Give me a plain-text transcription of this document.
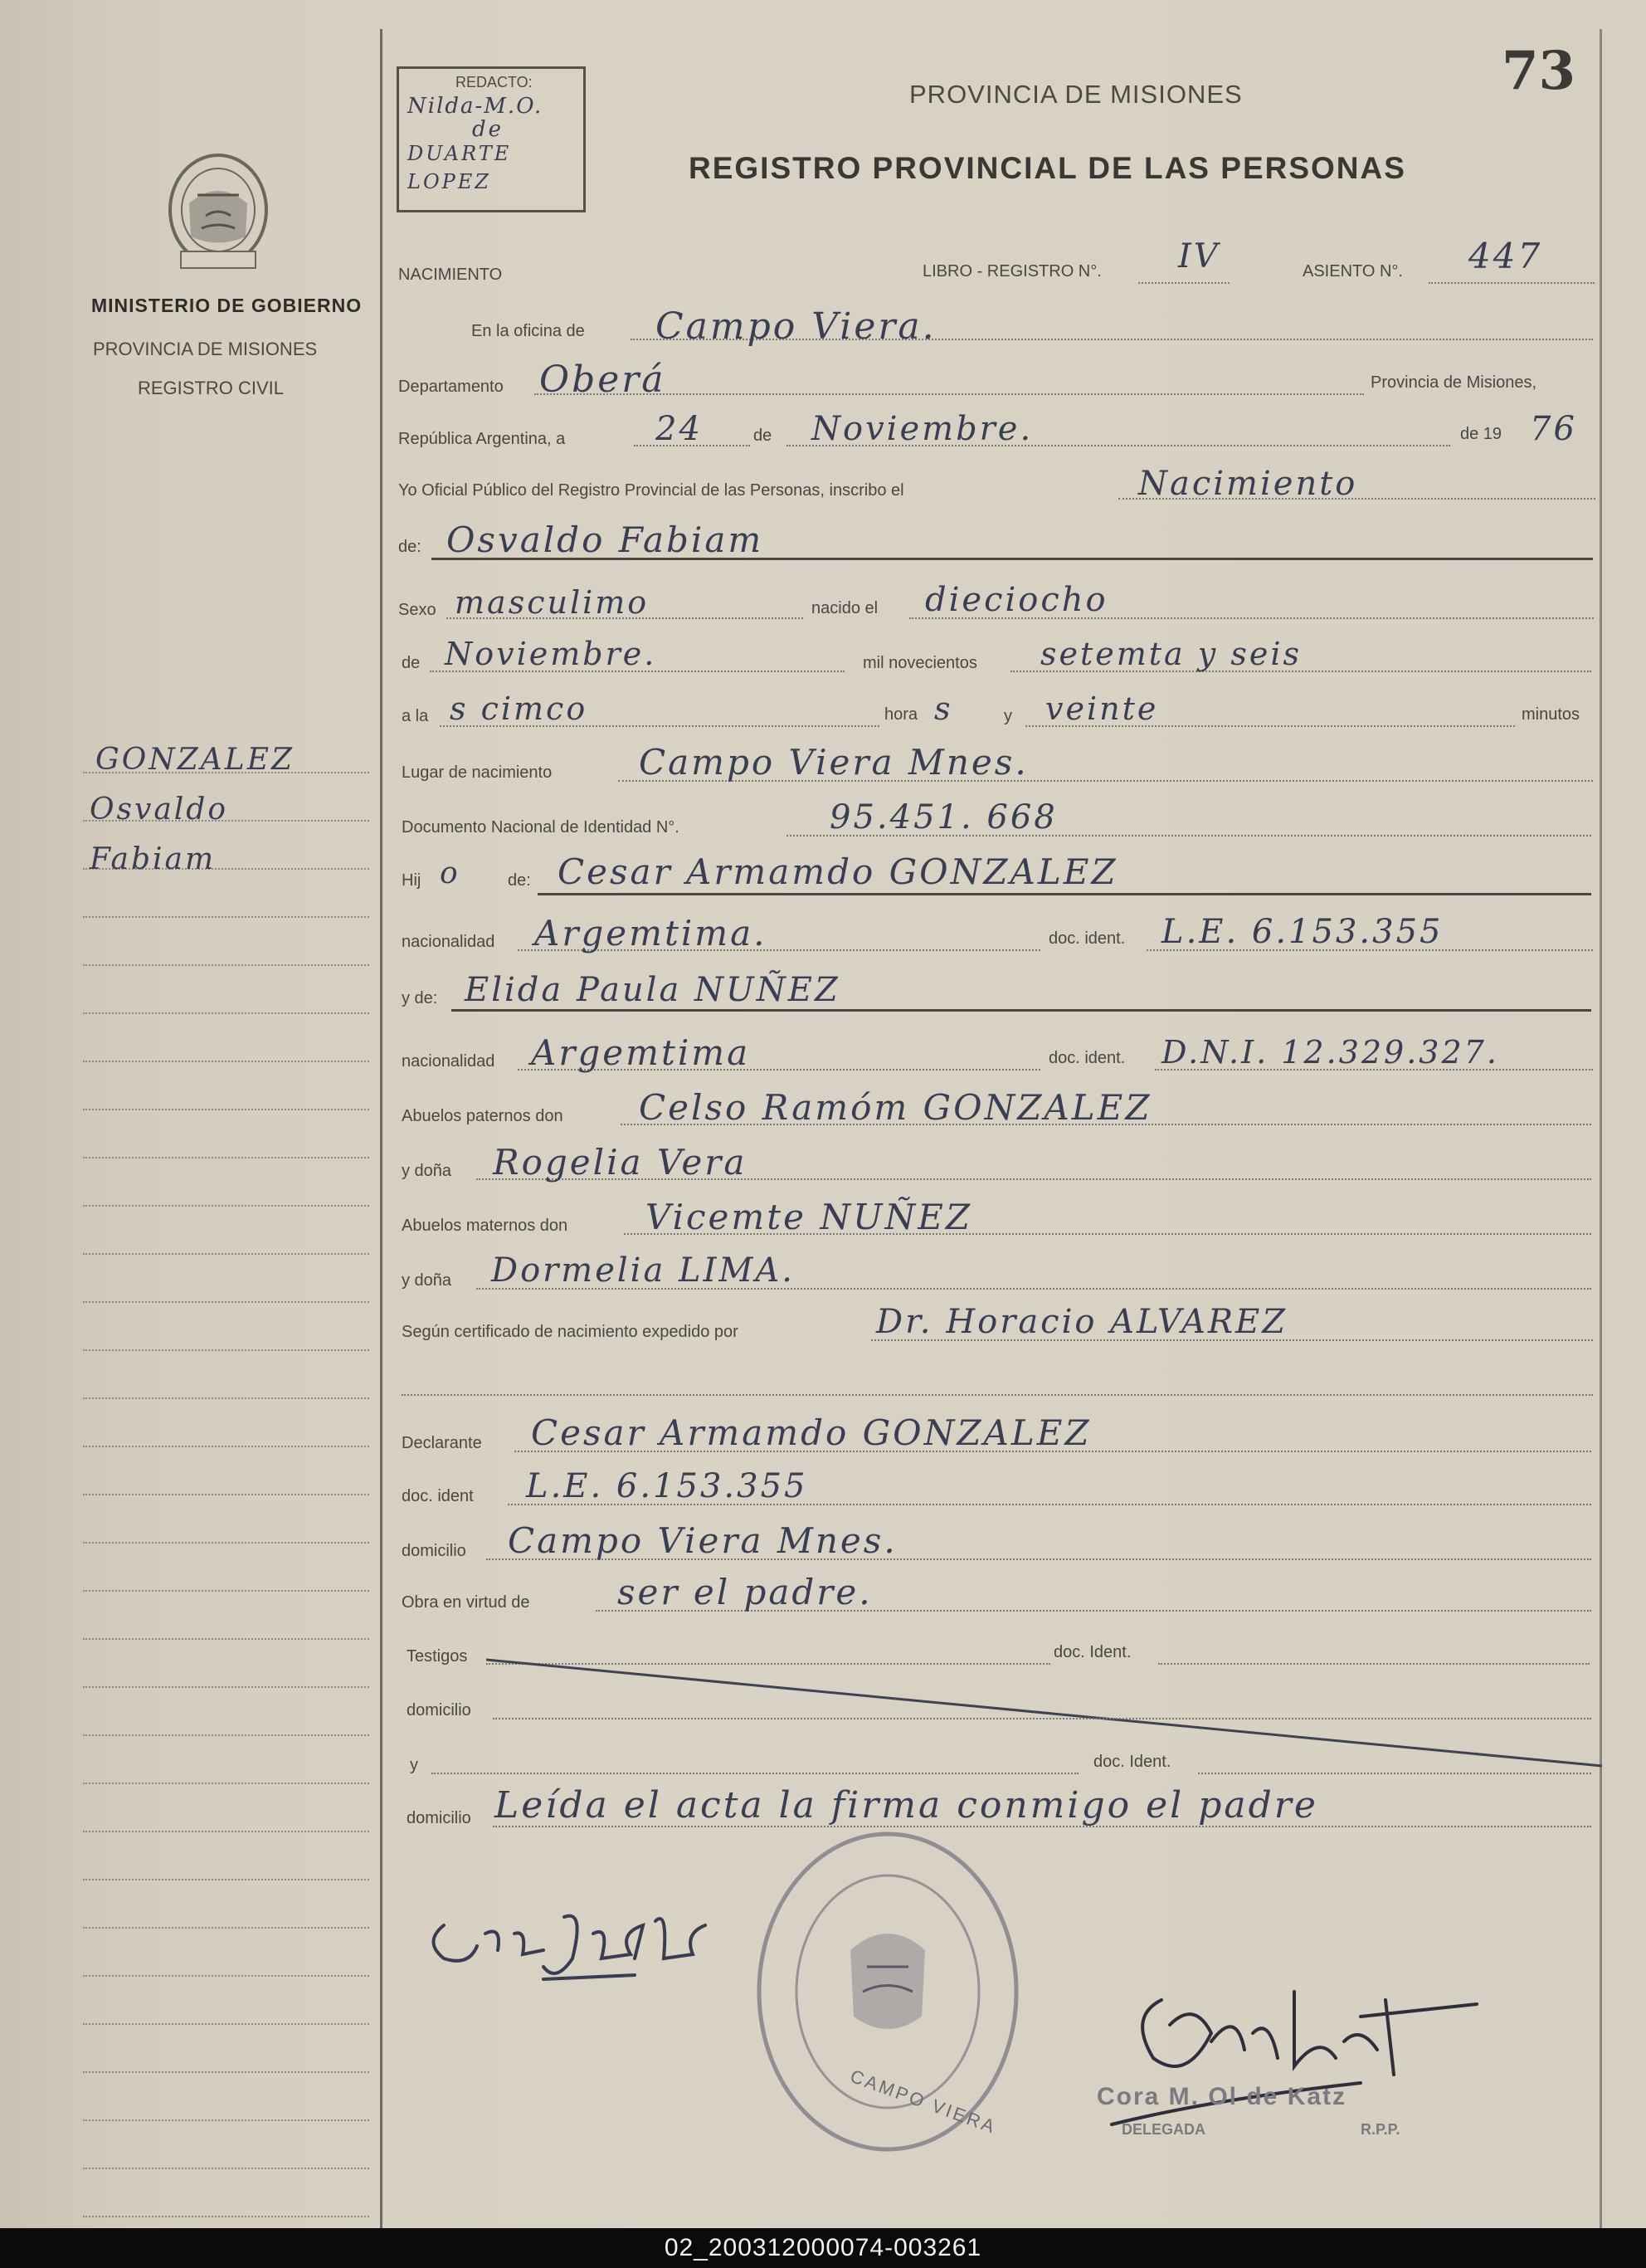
MINISTERIO DE GOBIERNO
PROVINCIA DE MISIONES
REGISTRO CIVIL
GONZALEZ
Osvaldo
Fabiam
REDACTO:
Nilda-M.O.
de
DUARTE
LOPEZ
73
PROVINCIA DE MISIONES
REGISTRO PROVINCIAL DE LAS PERSONAS
NACIMIENTO	LIBRO - REGISTRO N°. IV	ASIENTO N°. 447
En la oficina de Campo Viera.
Departamento Oberá	Provincia de Misiones,
República Argentina, a	24	de Noviembre.	de 19 76
Yo Oficial Público del Registro Provincial de las Personas, inscribo el	Nacimiento
de: Osvaldo Fabiam
Sexo masculimo	nacido el dieciocho
de Noviembre.	mil novecientos setemta y seis
a la s cimco	hora s	y veinte	minutos
Lugar de nacimiento Campo Viera Mnes.
Documento Nacional de Identidad N°.	95.451. 668
Hij o	de: Cesar Armamdo GONZALEZ
nacionalidad Argemtima.	doc. ident. L.E. 6.153.355
y de: Elida Paula NUÑEZ
nacionalidad Argemtima	doc. ident. D.N.I. 12.329.327.
Abuelos paternos don Celso Ramóm GONZALEZ
y doña Rogelia Vera
Abuelos maternos don Vicemte NUÑEZ
y doña Dormelia LIMA.
Según certificado de nacimiento expedido por	Dr. Horacio ALVAREZ
Declarante Cesar Armamdo GONZALEZ
doc. ident L.E. 6.153.355
domicilio Campo Viera Mnes.
Obra en virtud de	ser el padre.
Testigos	doc. Ident.
domicilio
y	doc. Ident.
domicilio Leída el acta la firma conmigo el padre
CAMPO VIERA	Cora M. Ol de Katz
DELEGADA	R.P.P.
02_200312000074-003261
